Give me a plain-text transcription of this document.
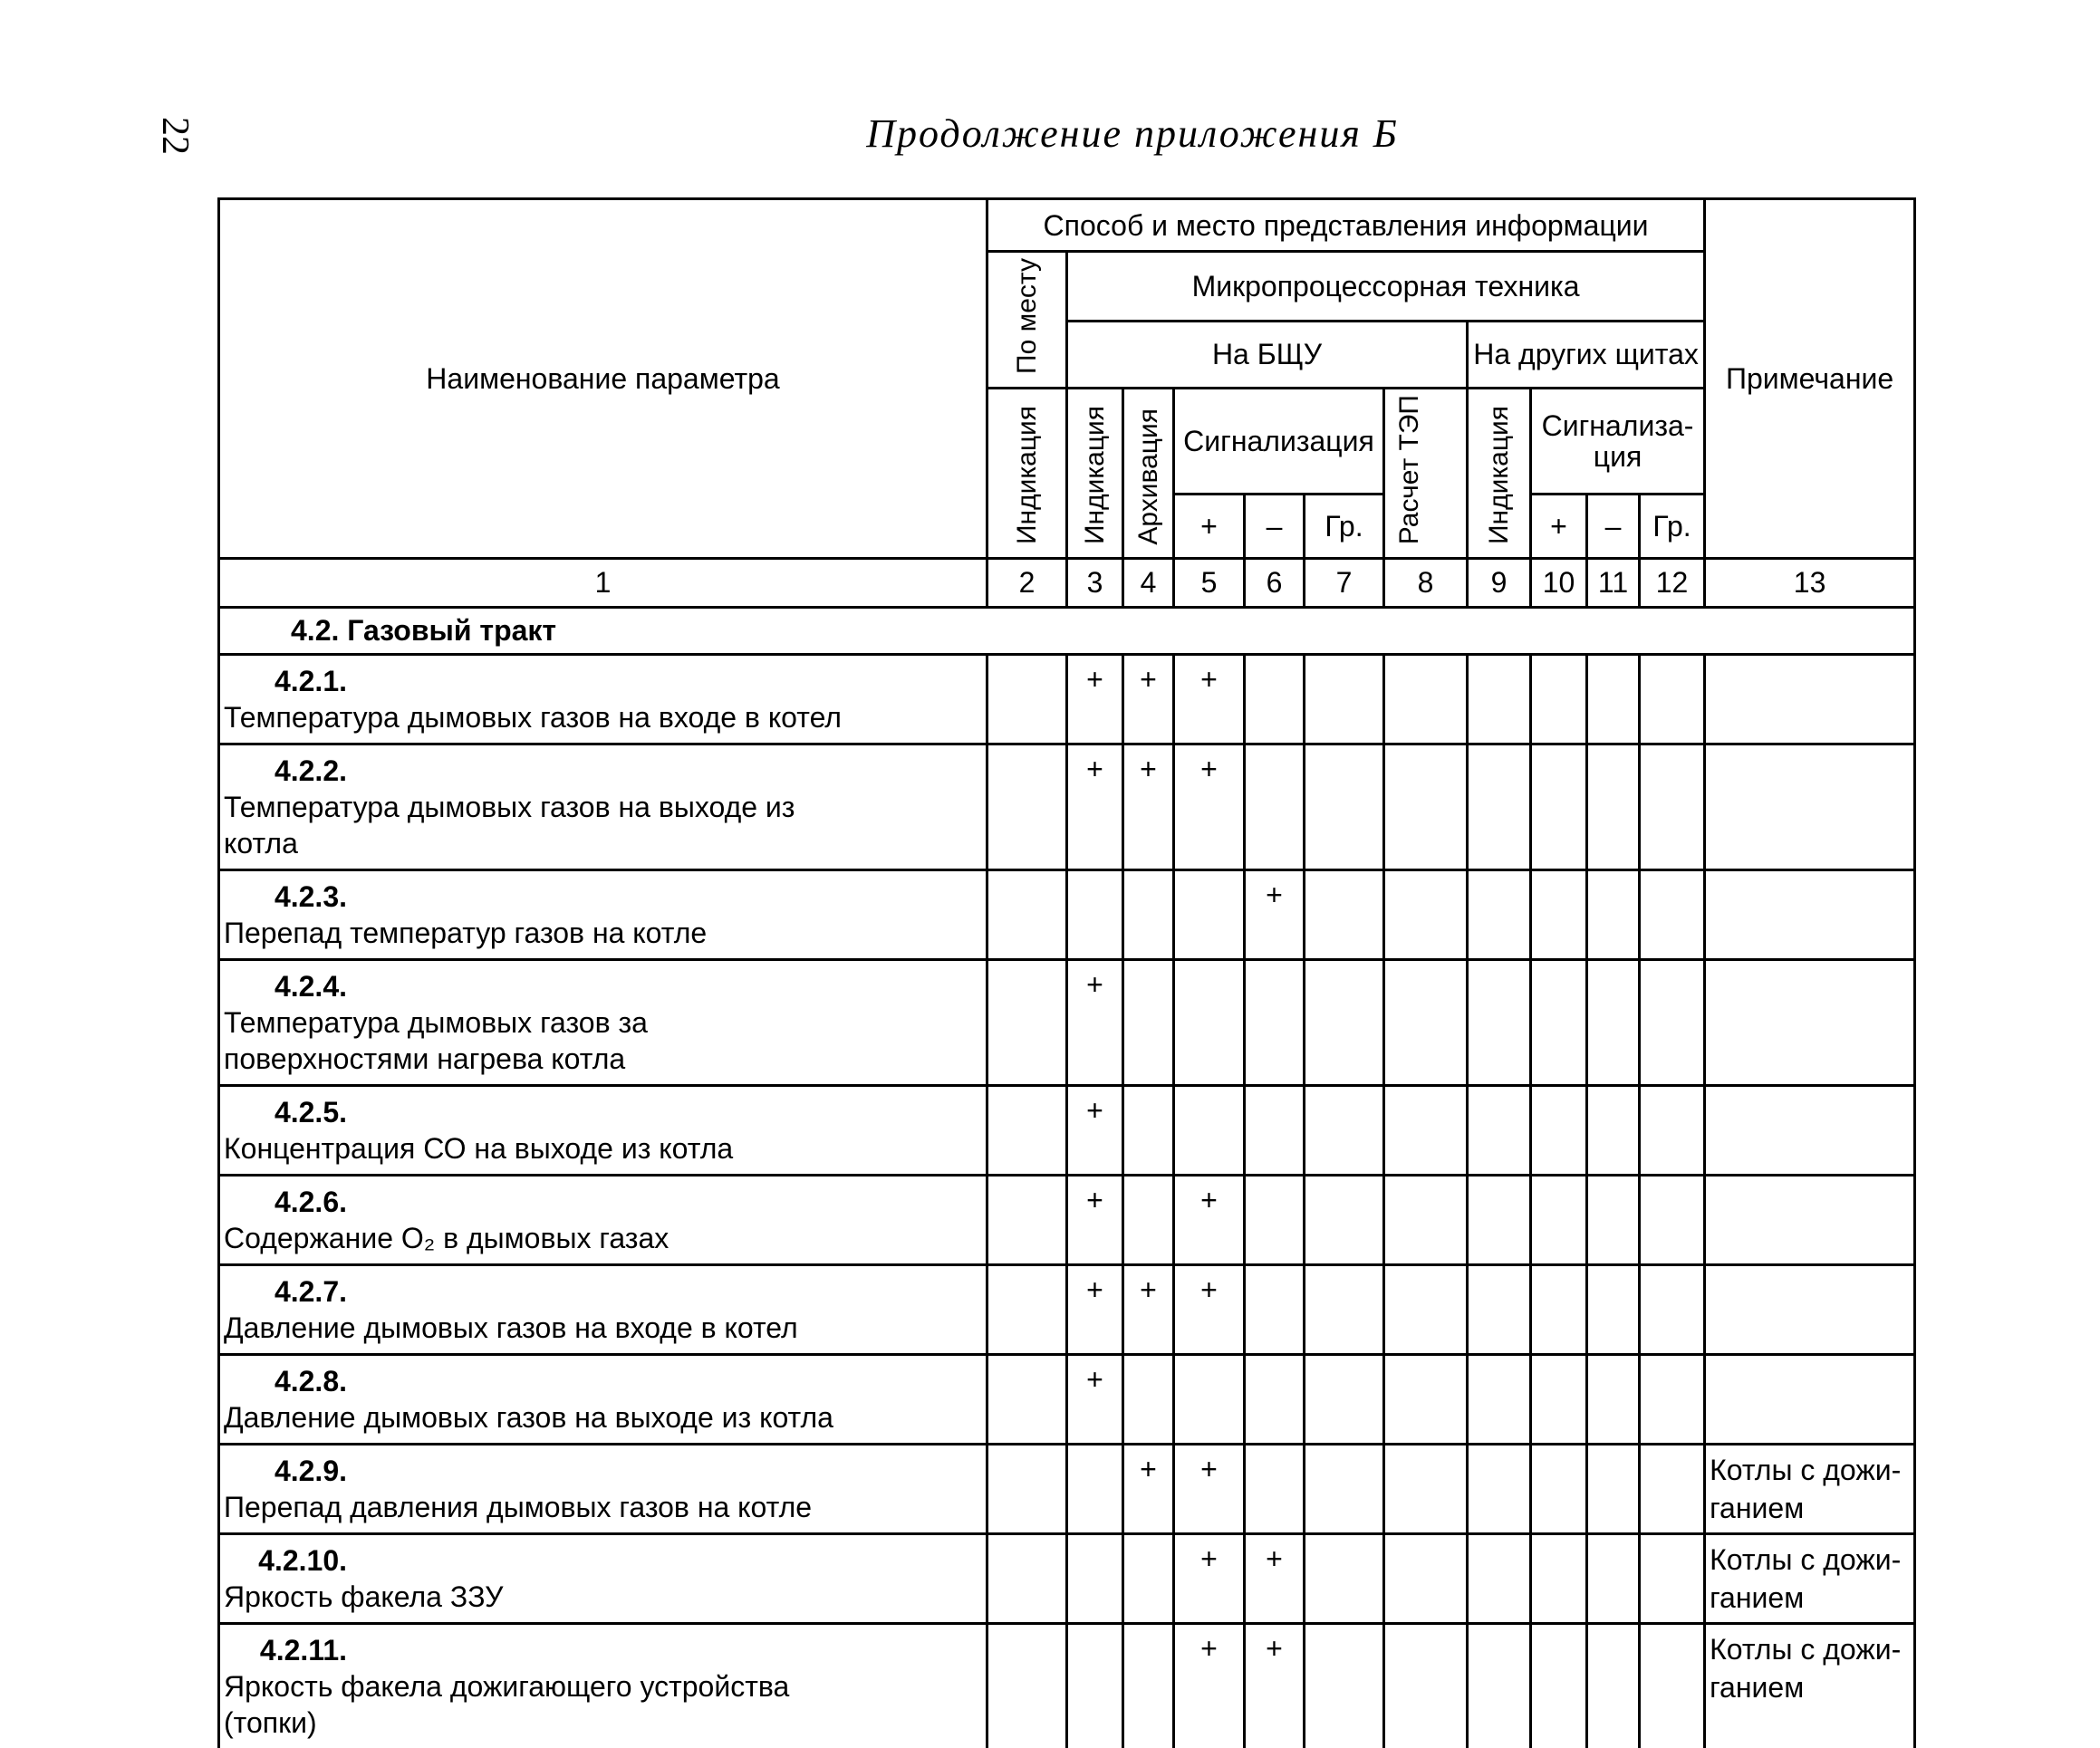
22	Продолжение приложения Б
Наименование параметра	Способ и место представления информации											Примечание
	По месту	Микропроцессорная техника										
		На БЩУ						На других щитах				
	Индикация	Индикация	Архивация	Сигнализация			Расчет ТЭП	Индикация	Сигнализа- ция			
				+	–	Гр.			+	–	Гр.	
1	2	3	4	5	6	7	8	9	10	11	12	13
4.2. Газовый тракт												
4.2.1.Температура дымовых газов на входе в котел		+	+	+								
4.2.2.Температура дымовых газов на выходе из котла		+	+	+								
4.2.3.Перепад температур газов на котле					+							
4.2.4.Температура дымовых газов за поверхностями нагрева котла		+										
4.2.5.Концентрация СО на выходе из котла		+										
4.2.6.Содержание O₂ в дымовых газах		+		+								
4.2.7.Давление дымовых газов на входе в котел		+	+	+								
4.2.8.Давление дымовых газов на выходе из котла		+										
4.2.9.Перепад давления дымовых газов на котле			+	+								Котлы с дожи- ганием
4.2.10.Яркость факела ЗЗУ				+	+							Котлы с дожи- ганием
4.2.11.Яркость факела дожигающего устройства (топки)				+	+							Котлы с дожи- ганием
